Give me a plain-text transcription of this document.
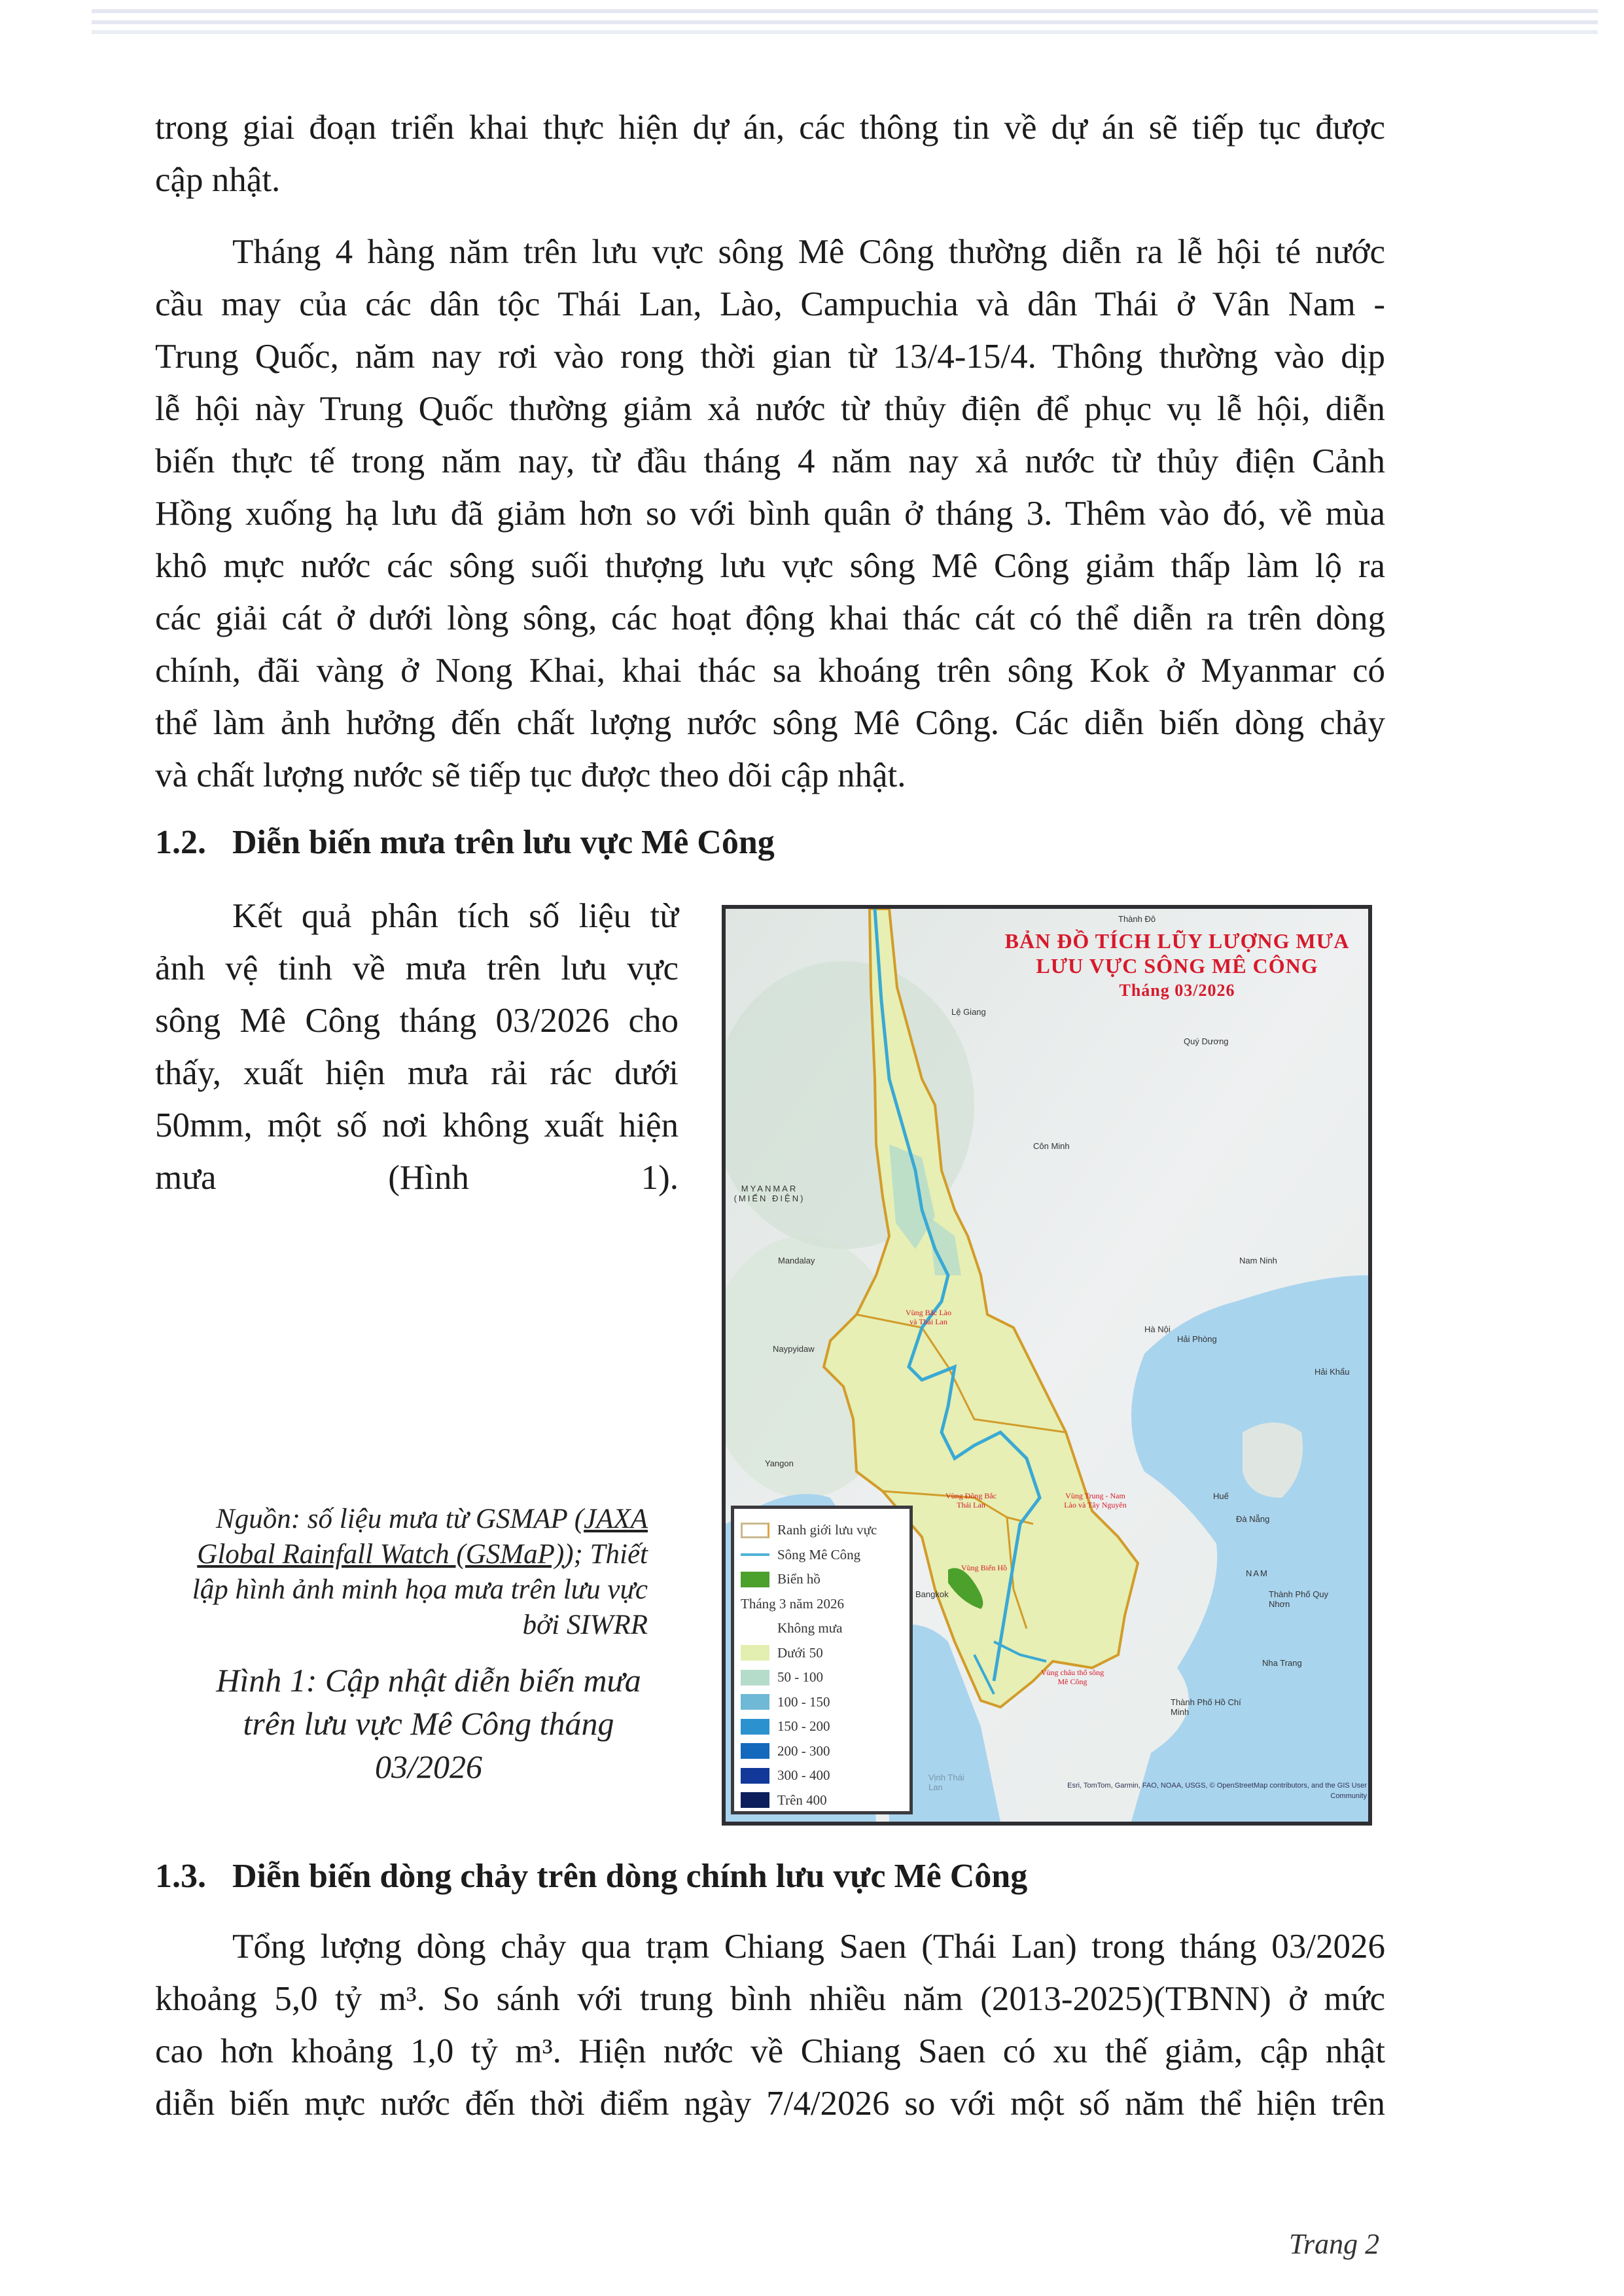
trong giai đoạn triển khai thực hiện dự án, các thông tin về dự án sẽ tiếp tục được
cập nhật.
Tháng 4 hàng năm trên lưu vực sông Mê Công thường diễn ra lễ hội té nước
cầu may của các dân tộc Thái Lan, Lào, Campuchia và dân Thái ở Vân Nam -
Trung Quốc, năm nay rơi vào rong thời gian từ 13/4-15/4. Thông thường vào dịp
lễ hội này Trung Quốc thường giảm xả nước từ thủy điện để phục vụ lễ hội, diễn
biến thực tế trong năm nay, từ đầu tháng 4 năm nay xả nước từ thủy điện Cảnh
Hồng xuống hạ lưu đã giảm hơn so với bình quân ở tháng 3. Thêm vào đó, về mùa
khô mực nước các sông suối thượng lưu vực sông Mê Công giảm thấp làm lộ ra
các giải cát ở dưới lòng sông, các hoạt động khai thác cát có thể diễn ra trên dòng
chính, đãi vàng ở Nong Khai, khai thác sa khoáng trên sông Kok ở Myanmar có
thể làm ảnh hưởng đến chất lượng nước sông Mê Công. Các diễn biến dòng chảy
và chất lượng nước sẽ tiếp tục được theo dõi cập nhật.
1.2. Diễn biến mưa trên lưu vực Mê Công
Kết quả phân tích số liệu từ
ảnh vệ tinh về mưa trên lưu vực
sông Mê Công tháng 03/2026 cho
thấy, xuất hiện mưa rải rác dưới
50mm, một số nơi không xuất hiện
mưa (Hình 1).
Nguồn: số liệu mưa từ GSMAP (JAXA Global Rainfall Watch (GSMaP)); Thiết lập hình ảnh minh họa mưa trên lưu vực bởi SIWRR
Hình 1: Cập nhật diễn biến mưa
trên lưu vực Mê Công tháng
03/2026
BẢN ĐỒ TÍCH LŨY LƯỢNG MƯA
LƯU VỰC SÔNG MÊ CÔNG
Tháng 03/2026
Thành Đô
Lệ Giang
Quý Dương
Côn Minh
MYANMAR (MIẾN ĐIỆN)
Mandalay	Nam Ninh
Naypyidaw
Hà Nội
Hải Phòng
Hải Khẩu
Yangon
Huế
Đà Nẵng
Bangkok
NAM
Thành Phố Quy Nhơn
Nha Trang
Thành Phố Hồ Chí Minh
Vịnh Thái Lan
Vùng Bắc Lào và Thái Lan
Vùng Đông Bắc Thái Lan
Vùng Trung - Nam Lào và Tây Nguyên
Vùng Biển Hồ
Vùng châu thổ sông Mê Công
Esri, TomTom, Garmin, FAO, NOAA, USGS, © OpenStreetMap contributors, and the GIS User Community
Ranh giới lưu vực
Sông Mê Công
Biển hồ
Tháng 3 năm 2026
Không mưa
Dưới 50
50 - 100
100 - 150
150 - 200
200 - 300
300 - 400
Trên 400
1.3. Diễn biến dòng chảy trên dòng chính lưu vực Mê Công
Tổng lượng dòng chảy qua trạm Chiang Saen (Thái Lan) trong tháng 03/2026
khoảng 5,0 tỷ m³. So sánh với trung bình nhiều năm (2013-2025)(TBNN) ở mức
cao hơn khoảng 1,0 tỷ m³. Hiện nước về Chiang Saen có xu thế giảm, cập nhật
diễn biến mực nước đến thời điểm ngày 7/4/2026 so với một số năm thể hiện trên
Trang 2
